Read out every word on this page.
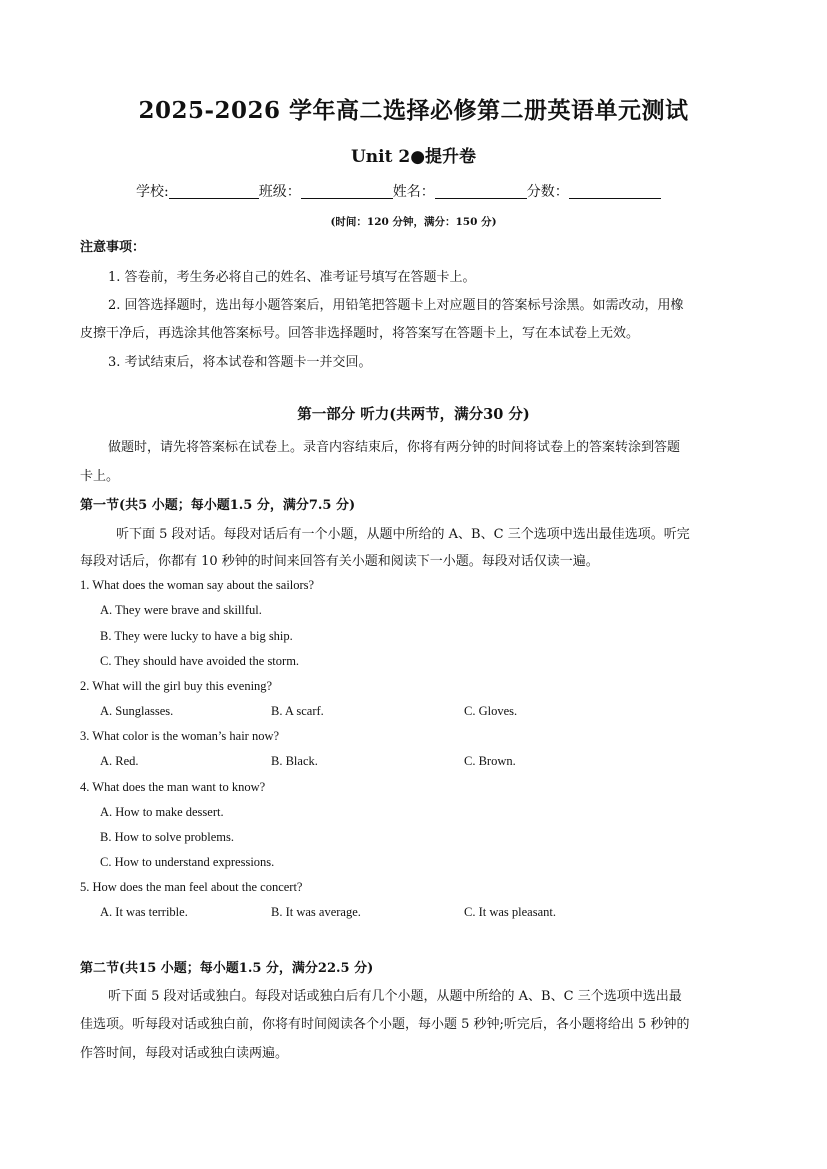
2025-2026 学年高二选择必修第二册英语单元测试
Unit 2●提升卷
学校:	班级：	姓名：	分数：
(时间：120 分钟，满分：150 分)
注意事项：
1. 答卷前，考生务必将自己的姓名、准考证号填写在答题卡上。
2. 回答选择题时，选出每小题答案后，用铅笔把答题卡上对应题目的答案标号涂黑。如需改动，用橡
皮擦干净后，再选涂其他答案标号。回答非选择题时，将答案写在答题卡上，写在本试卷上无效。
3. 考试结束后，将本试卷和答题卡一并交回。
第一部分 听力(共两节，满分30 分)
做题时，请先将答案标在试卷上。录音内容结束后，你将有两分钟的时间将试卷上的答案转涂到答题
卡上。
第一节(共5 小题；每小题1.5 分，满分7.5 分)
听下面 5 段对话。每段对话后有一个小题，从题中所给的 A、B、C 三个选项中选出最佳选项。听完
每段对话后，你都有 10 秒钟的时间来回答有关小题和阅读下一小题。每段对话仅读一遍。
1. What does the woman say about the sailors?
A. They were brave and skillful.
B. They were lucky to have a big ship.
C. They should have avoided the storm.
2. What will the girl buy this evening?
A. Sunglasses.	B. A scarf.	C. Gloves.
3. What color is the woman’s hair now?
A. Red.	B. Black.	C. Brown.
4. What does the man want to know?
A. How to make dessert.
B. How to solve problems.
C. How to understand expressions.
5. How does the man feel about the concert?
A. It was terrible.	B. It was average.	C. It was pleasant.
第二节(共15 小题；每小题1.5 分，满分22.5 分)
听下面 5 段对话或独白。每段对话或独白后有几个小题，从题中所给的 A、B、C 三个选项中选出最
佳选项。听每段对话或独白前，你将有时间阅读各个小题，每小题 5 秒钟;听完后，各小题将给出 5 秒钟的
作答时间，每段对话或独白读两遍。
